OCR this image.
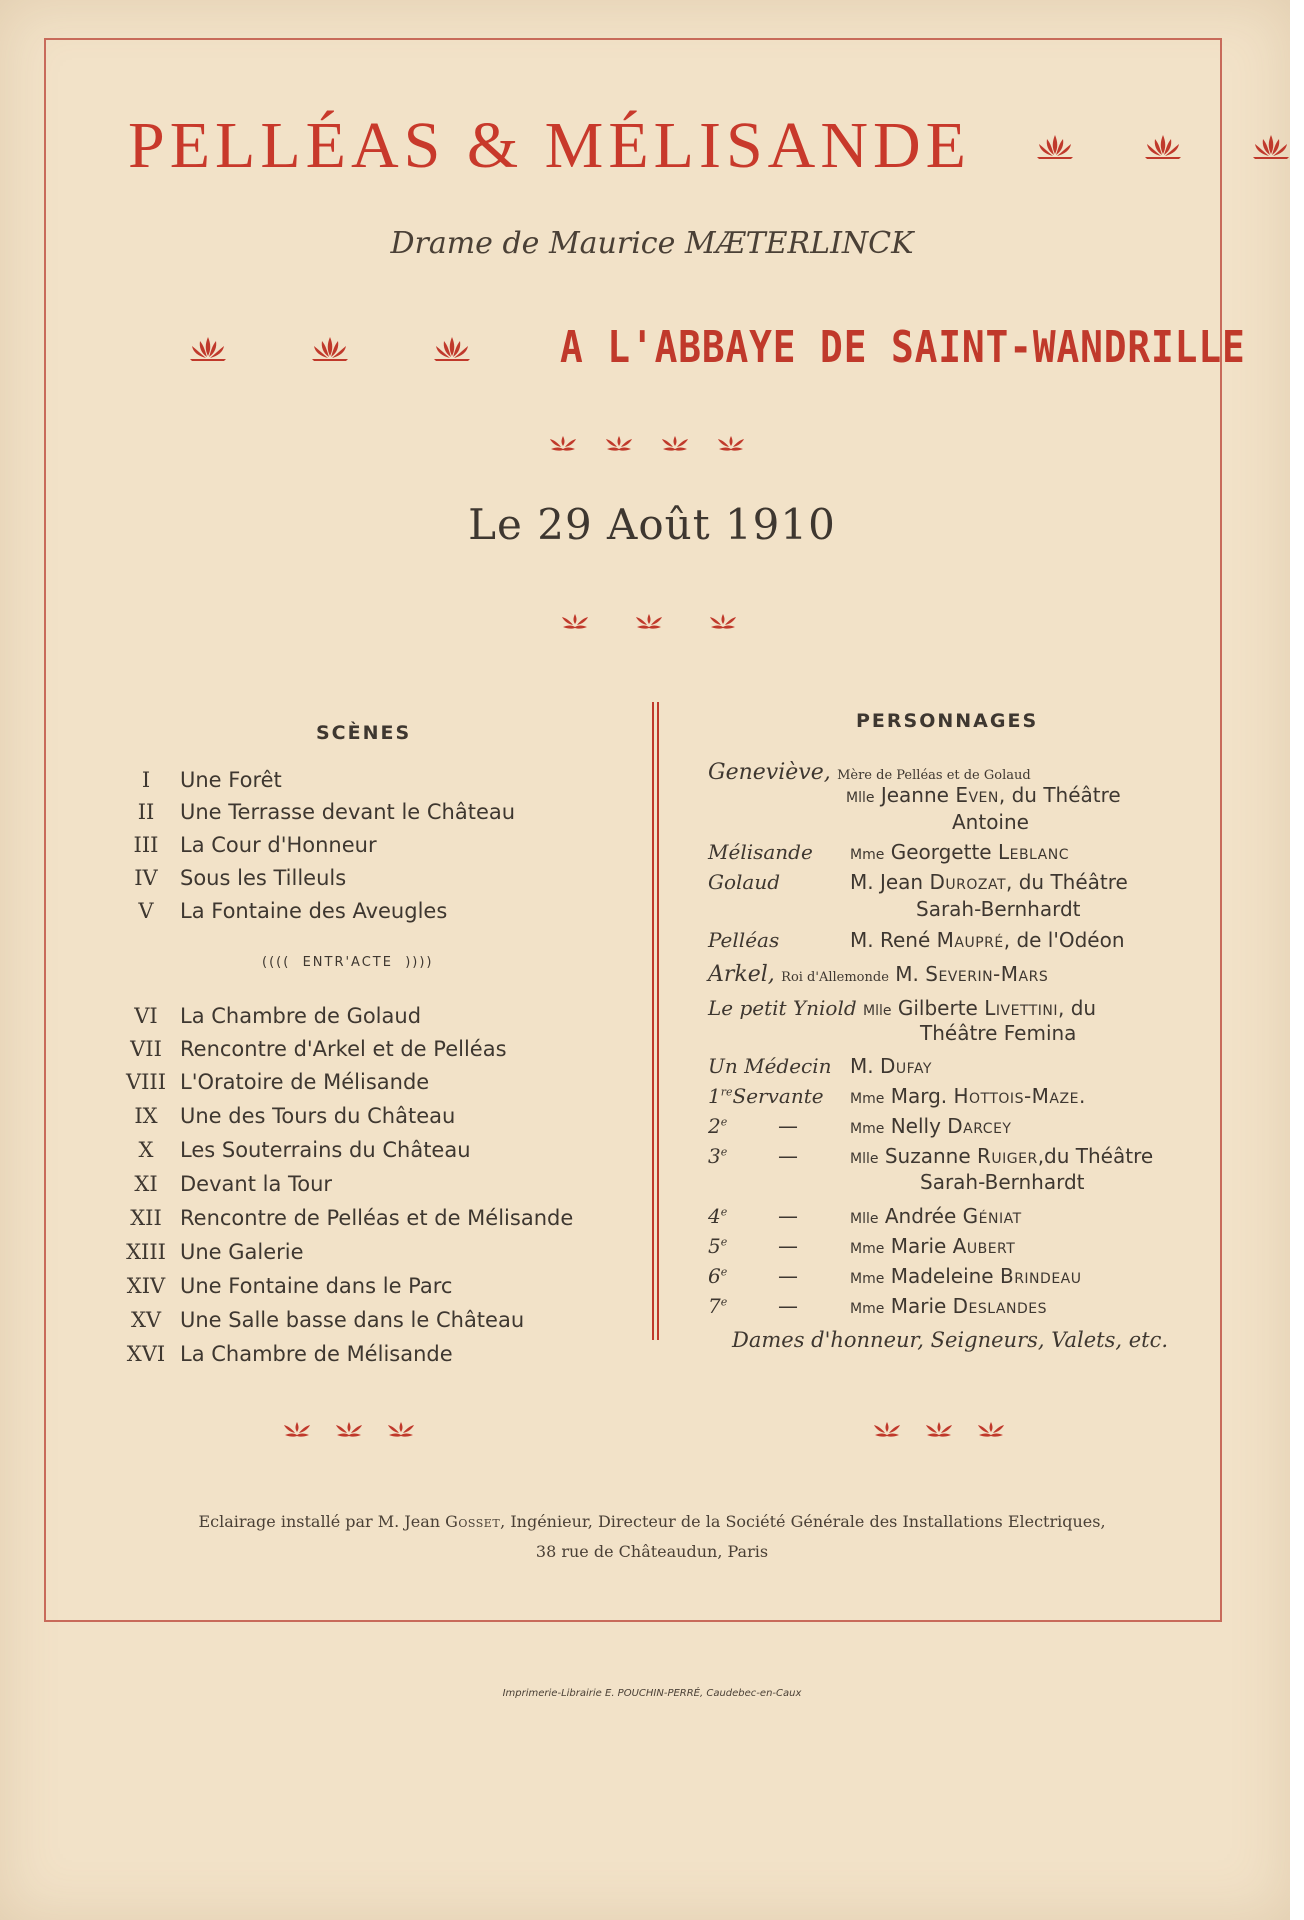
PELLÉAS & MÉLISANDE
Drame de Maurice MÆTERLINCK
A L'ABBAYE DE SAINT-WANDRILLE
Le 29 Août 1910
SCÈNES
PERSONNAGES
I Une Forêt
II Une Terrasse devant le Château
III La Cour d'Honneur
IV Sous les Tilleuls
V La Fontaine des Aveugles
((((  ENTR'ACTE  ))))
VI La Chambre de Golaud
VII Rencontre d'Arkel et de Pelléas
VIII L'Oratoire de Mélisande
IX Une des Tours du Château
X Les Souterrains du Château
XI Devant la Tour
XII Rencontre de Pelléas et de Mélisande
XIII Une Galerie
XIV Une Fontaine dans le Parc
XV Une Salle basse dans le Château
XVI La Chambre de Mélisande
Geneviève, Mère de Pelléas et de Golaud
Mlle Jeanne Even, du Théâtre
Antoine
Mélisande	Mme Georgette Leblanc
Golaud	M. Jean Durozat, du Théâtre
Sarah-Bernhardt
Pelléas	M. René Maupré, de l'Odéon
Arkel, Roi d'Allemonde M. Severin-Mars
Le petit Yniold Mlle Gilberte Livettini, du
Théâtre Femina
Un Médecin M. Dufay
1reServante Mme Marg. Hottois-Maze.
2e	—	Mme Nelly Darcey
3e	—	Mlle Suzanne Ruiger,du Théâtre
Sarah-Bernhardt
4e	—	Mlle Andrée Géniat
5e	—	Mme Marie Aubert
6e	—	Mme Madeleine Brindeau
7e	—	Mme Marie Deslandes
Dames d'honneur, Seigneurs, Valets, etc.
Eclairage installé par M. Jean Gosset, Ingénieur, Directeur de la Société Générale des Installations Electriques,
38 rue de Châteaudun, Paris
Imprimerie-Librairie E. POUCHIN-PERRÉ, Caudebec-en-Caux
